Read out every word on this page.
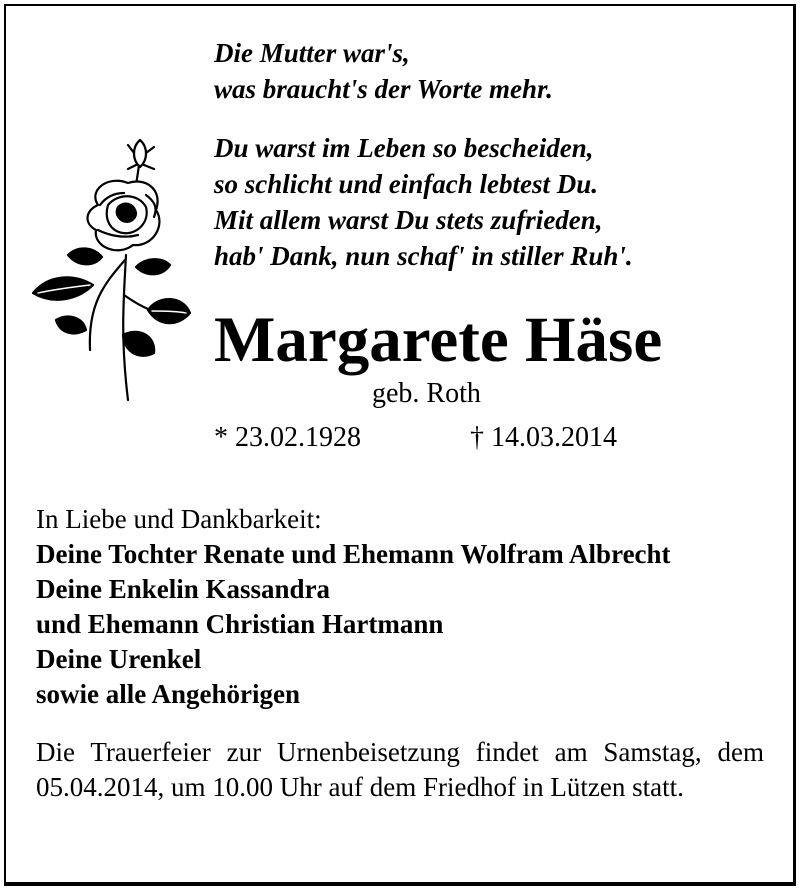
Die Mutter war's,
was braucht's der Worte mehr.
Du warst im Leben so bescheiden,
so schlicht und einfach lebtest Du.
Mit allem warst Du stets zufrieden,
hab' Dank, nun schaf' in stiller Ruh'.
Margarete Häse
geb. Roth
* 23.02.1928	† 14.03.2014
In Liebe und Dankbarkeit:
Deine Tochter Renate und Ehemann Wolfram Albrecht
Deine Enkelin Kassandra
und Ehemann Christian Hartmann
Deine Urenkel
sowie alle Angehörigen
Die Trauerfeier zur Urnenbeisetzung findet am Samstag, dem 05.04.2014, um 10.00 Uhr auf dem Friedhof in Lützen statt.
